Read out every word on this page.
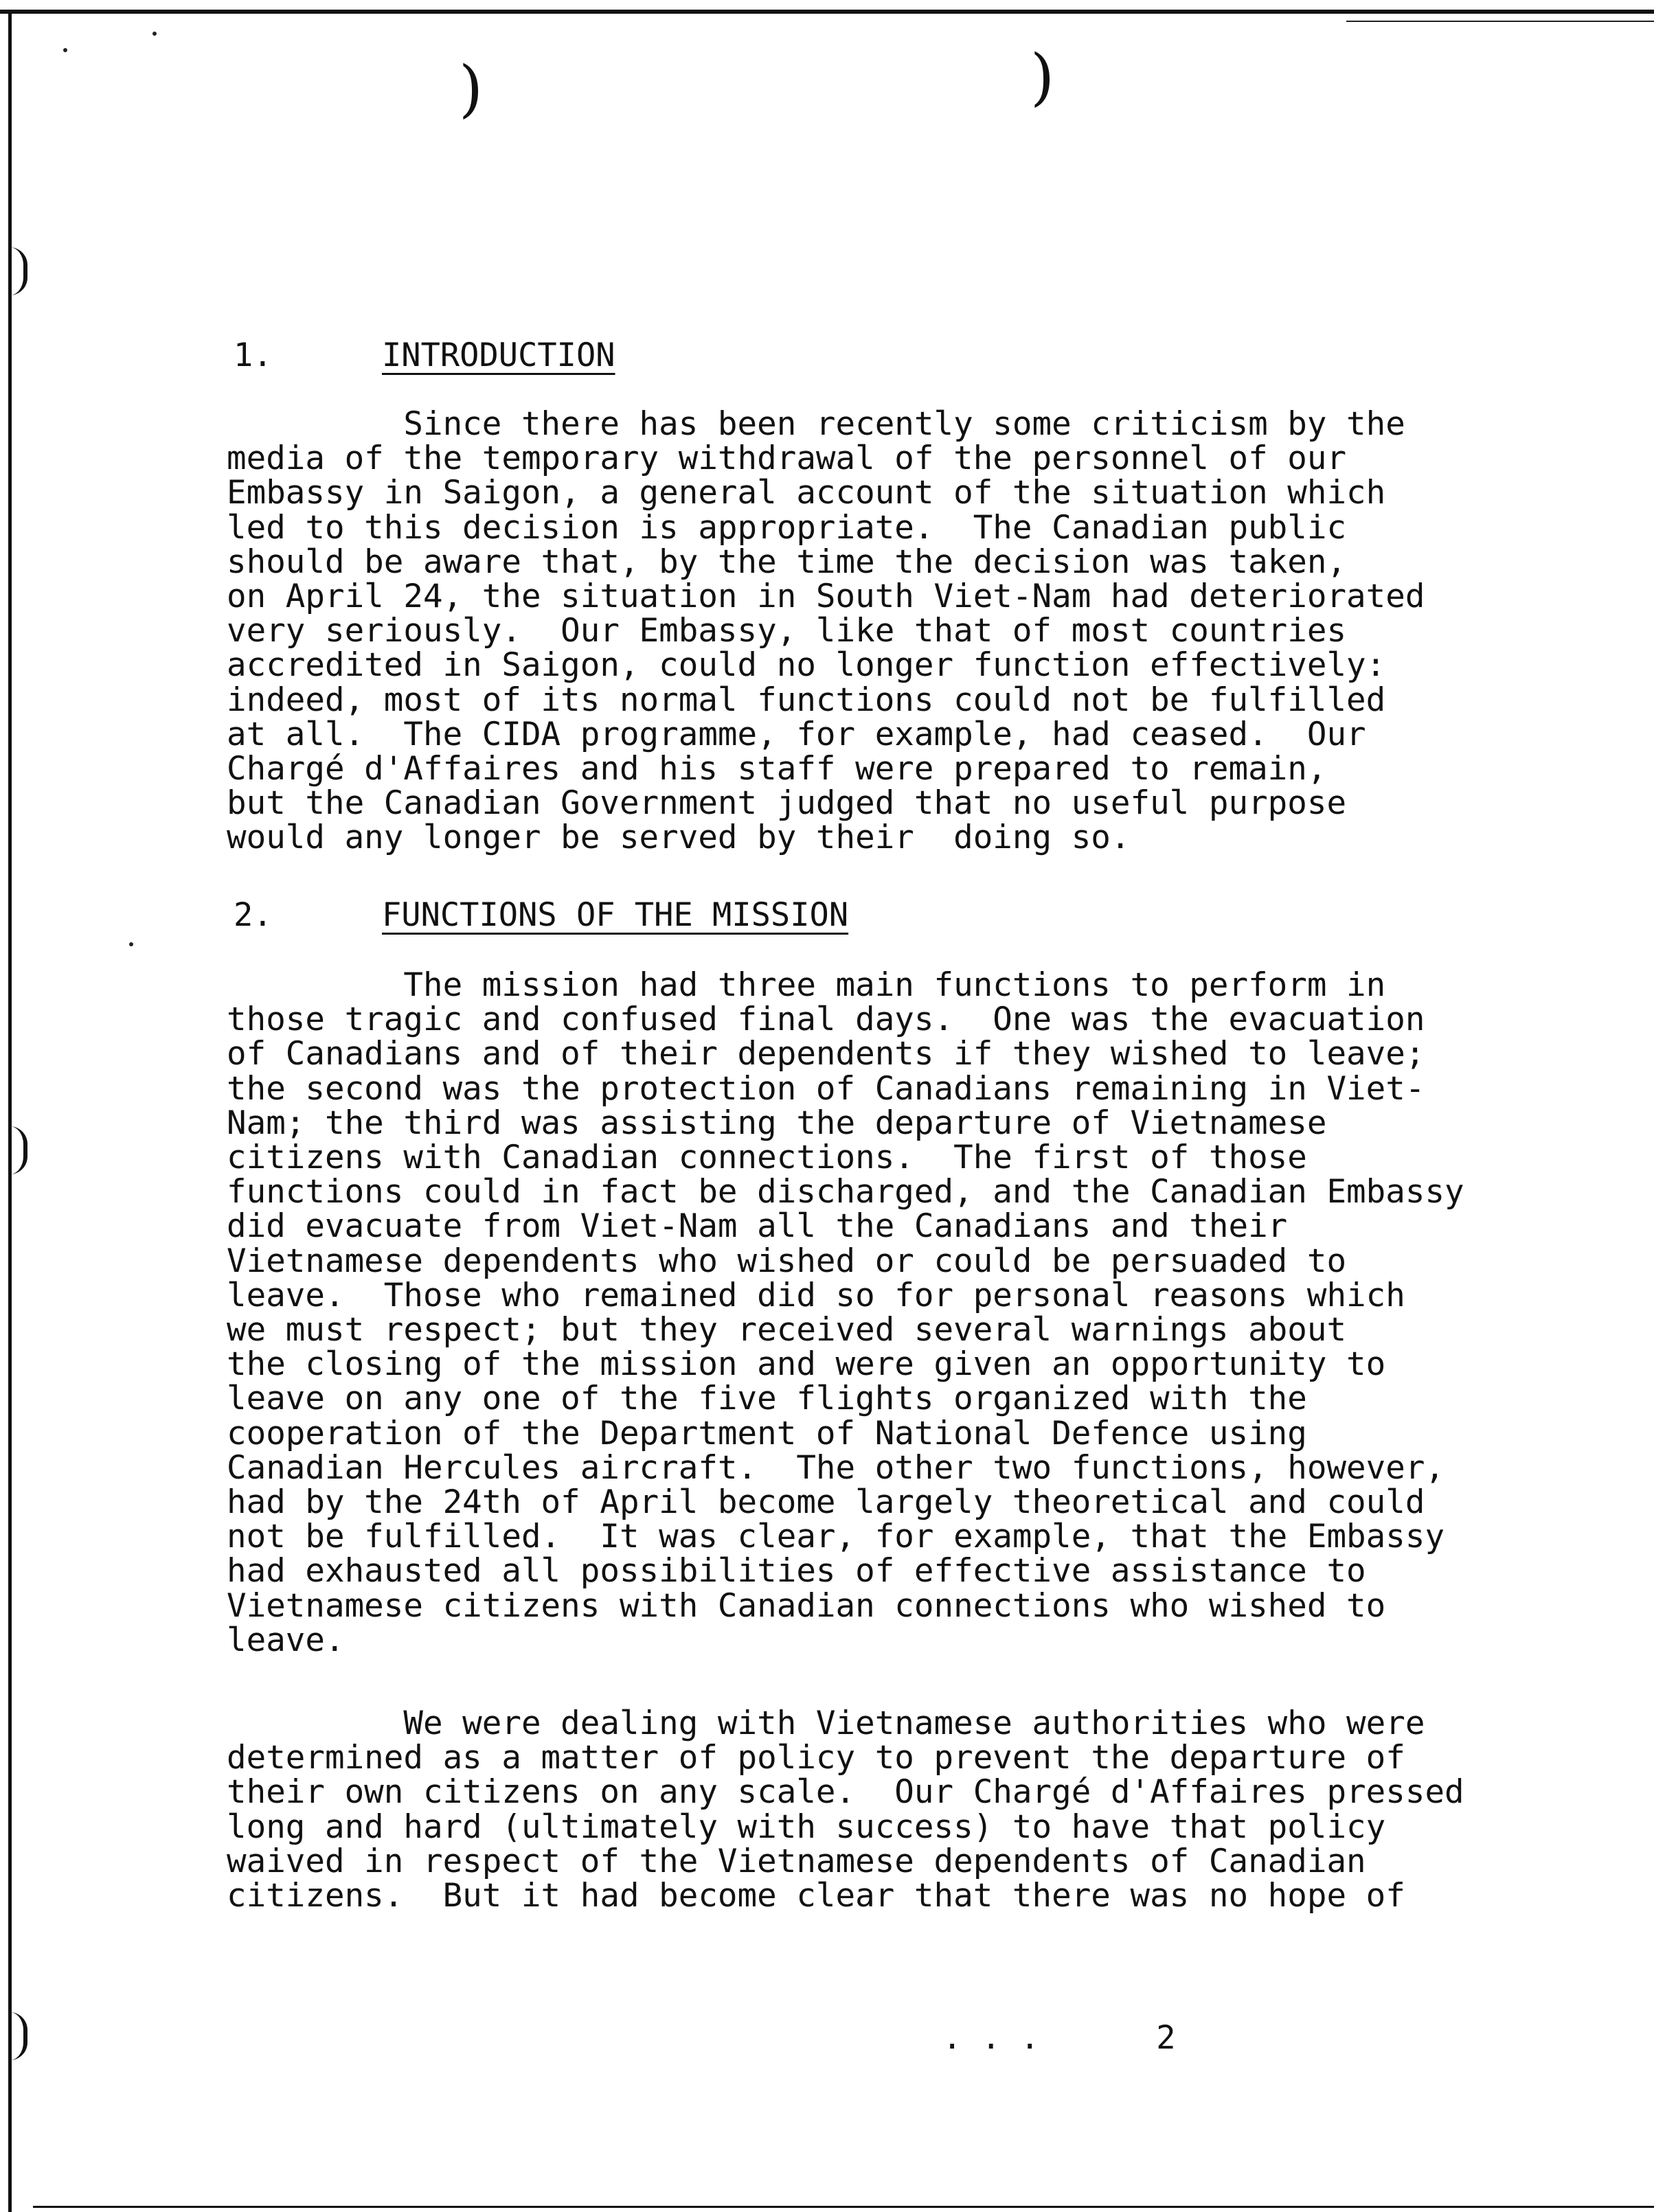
)	)
1.	INTRODUCTION
Since there has been recently some criticism by the
media of the temporary withdrawal of the personnel of our
Embassy in Saigon, a general account of the situation which
led to this decision is appropriate.  The Canadian public
should be aware that, by the time the decision was taken,
on April 24, the situation in South Viet-Nam had deteriorated
very seriously.  Our Embassy, like that of most countries
accredited in Saigon, could no longer function effectively:
indeed, most of its normal functions could not be fulfilled
at all.  The CIDA programme, for example, had ceased.  Our
Chargé d'Affaires and his staff were prepared to remain,
but the Canadian Government judged that no useful purpose
would any longer be served by their  doing so.
2.	FUNCTIONS OF THE MISSION
The mission had three main functions to perform in
those tragic and confused final days.  One was the evacuation
of Canadians and of their dependents if they wished to leave;
the second was the protection of Canadians remaining in Viet-
Nam; the third was assisting the departure of Vietnamese
citizens with Canadian connections.  The first of those
functions could in fact be discharged, and the Canadian Embassy
did evacuate from Viet-Nam all the Canadians and their
Vietnamese dependents who wished or could be persuaded to
leave.  Those who remained did so for personal reasons which
we must respect; but they received several warnings about
the closing of the mission and were given an opportunity to
leave on any one of the five flights organized with the
cooperation of the Department of National Defence using
Canadian Hercules aircraft.  The other two functions, however,
had by the 24th of April become largely theoretical and could
not be fulfilled.  It was clear, for example, that the Embassy
had exhausted all possibilities of effective assistance to
Vietnamese citizens with Canadian connections who wished to
leave.
We were dealing with Vietnamese authorities who were
determined as a matter of policy to prevent the departure of
their own citizens on any scale.  Our Chargé d'Affaires pressed
long and hard (ultimately with success) to have that policy
waived in respect of the Vietnamese dependents of Canadian
citizens.  But it had become clear that there was no hope of
. . .	2
